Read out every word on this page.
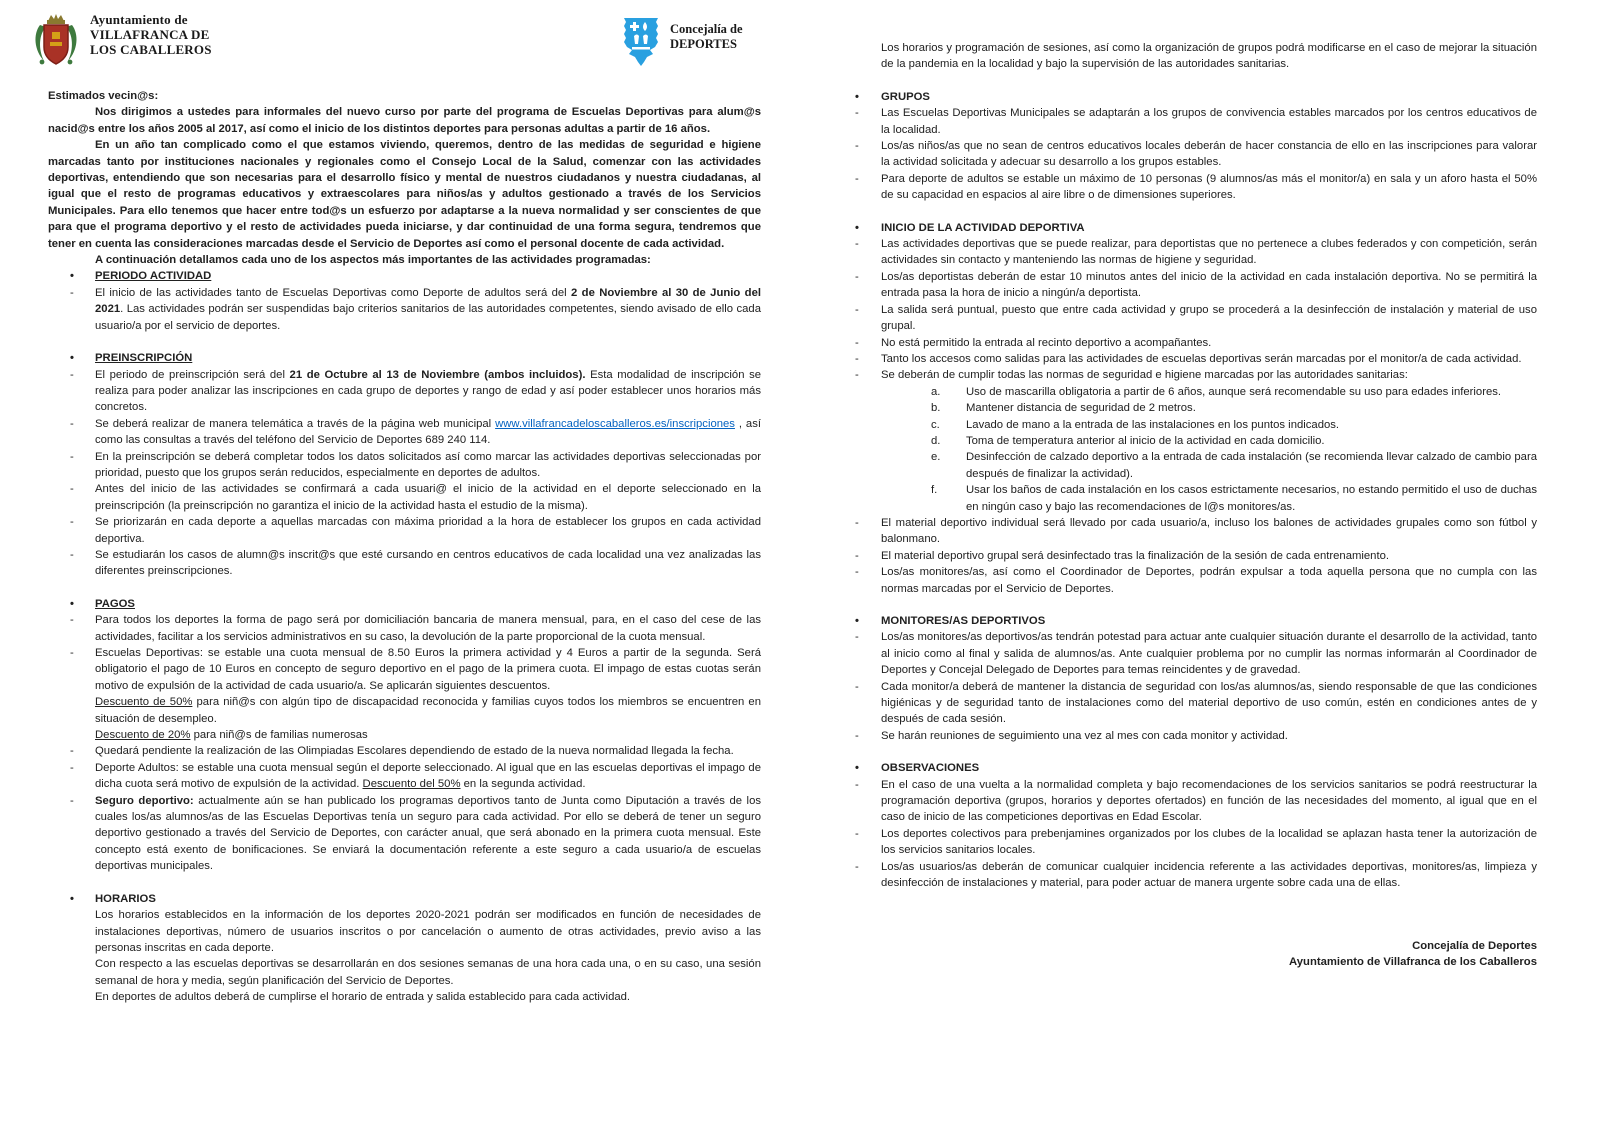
Ayuntamiento de
VILLAFRANCA DE
LOS CABALLEROS
Concejalía de
DEPORTES
Estimados vecin@s:
Nos dirigimos a ustedes para informales del nuevo curso por parte del programa de Escuelas Deportivas para alum@s nacid@s entre los años 2005 al 2017, así como el inicio de los distintos deportes para personas adultas a partir de 16 años.
En un año tan complicado como el que estamos viviendo, queremos, dentro de las medidas de seguridad e higiene marcadas tanto por instituciones nacionales y regionales como el Consejo Local de la Salud, comenzar con las actividades deportivas, entendiendo que son necesarias para el desarrollo físico y mental de nuestros ciudadanos y nuestra ciudadanas, al igual que el resto de programas educativos y extraescolares para niños/as y adultos gestionado a través de los Servicios Municipales. Para ello tenemos que hacer entre tod@s un esfuerzo por adaptarse a la nueva normalidad y ser conscientes de que para que el programa deportivo y el resto de actividades pueda iniciarse, y dar continuidad de una forma segura, tendremos que tener en cuenta las consideraciones marcadas desde el Servicio de Deportes así como el personal docente de cada actividad.
A continuación detallamos cada uno de los aspectos más importantes de las actividades programadas:
•	PERIODO ACTIVIDAD
-	El inicio de las actividades tanto de Escuelas Deportivas como Deporte de adultos será del 2 de Noviembre al 30 de Junio del 2021. Las actividades podrán ser suspendidas bajo criterios sanitarios de las autoridades competentes, siendo avisado de ello cada usuario/a por el servicio de deportes.
•	PREINSCRIPCIÓN
-	El periodo de preinscripción será del 21 de Octubre al 13 de Noviembre (ambos incluidos). Esta modalidad de inscripción se realiza para poder analizar las inscripciones en cada grupo de deportes y rango de edad y así poder establecer unos horarios más concretos.
-	Se deberá realizar de manera telemática a través de la página web municipal www.villafrancadeloscaballeros.es/inscripciones , así como las consultas a través del teléfono del Servicio de Deportes 689 240 114.
-	En la preinscripción se deberá completar todos los datos solicitados así como marcar las actividades deportivas seleccionadas por prioridad, puesto que los grupos serán reducidos, especialmente en deportes de adultos.
-	Antes del inicio de las actividades se confirmará a cada usuari@ el inicio de la actividad en el deporte seleccionado en la preinscripción (la preinscripción no garantiza el inicio de la actividad hasta el estudio de la misma).
-	Se priorizarán en cada deporte a aquellas marcadas con máxima prioridad a la hora de establecer los grupos en cada actividad deportiva.
-	Se estudiarán los casos de alumn@s inscrit@s que esté cursando en centros educativos de cada localidad una vez analizadas las diferentes preinscripciones.
•	PAGOS
-	Para todos los deportes la forma de pago será por domiciliación bancaria de manera mensual, para, en el caso del cese de las actividades, facilitar a los servicios administrativos en su caso, la devolución de la parte proporcional de la cuota mensual.
-	Escuelas Deportivas: se estable una cuota mensual de 8.50 Euros la primera actividad y 4 Euros a partir de la segunda. Será obligatorio el pago de 10 Euros en concepto de seguro deportivo en el pago de la primera cuota. El impago de estas cuotas serán motivo de expulsión de la actividad de cada usuario/a. Se aplicarán siguientes descuentos.
Descuento de 50% para niñ@s con algún tipo de discapacidad reconocida y familias cuyos todos los miembros se encuentren en situación de desempleo.
Descuento de 20% para niñ@s de familias numerosas
-	Quedará pendiente la realización de las Olimpiadas Escolares dependiendo de estado de la nueva normalidad llegada la fecha.
-	Deporte Adultos: se estable una cuota mensual según el deporte seleccionado. Al igual que en las escuelas deportivas el impago de dicha cuota será motivo de expulsión de la actividad. Descuento del 50% en la segunda actividad.
-	Seguro deportivo: actualmente aún se han publicado los programas deportivos tanto de Junta como Diputación a través de los cuales los/as alumnos/as de las Escuelas Deportivas tenía un seguro para cada actividad. Por ello se deberá de tener un seguro deportivo gestionado a través del Servicio de Deportes, con carácter anual, que será abonado en la primera cuota mensual. Este concepto está exento de bonificaciones. Se enviará la documentación referente a este seguro a cada usuario/a de escuelas deportivas municipales.
•	HORARIOS
Los horarios establecidos en la información de los deportes 2020-2021 podrán ser modificados en función de necesidades de instalaciones deportivas, número de usuarios inscritos o por cancelación o aumento de otras actividades, previo aviso a las personas inscritas en cada deporte.
Con respecto a las escuelas deportivas se desarrollarán en dos sesiones semanas de una hora cada una, o en su caso, una sesión semanal de hora y media, según planificación del Servicio de Deportes.
En deportes de adultos deberá de cumplirse el horario de entrada y salida establecido para cada actividad.
Los horarios y programación de sesiones, así como la organización de grupos podrá modificarse en el caso de mejorar la situación de la pandemia en la localidad y bajo la supervisión de las autoridades sanitarias.
•	GRUPOS
-	Las Escuelas Deportivas Municipales se adaptarán a los grupos de convivencia estables marcados por los centros educativos de la localidad.
-	Los/as niños/as que no sean de centros educativos locales deberán de hacer constancia de ello en las inscripciones para valorar la actividad solicitada y adecuar su desarrollo a los grupos estables.
-	Para deporte de adultos se estable un máximo de 10 personas (9 alumnos/as más el monitor/a) en sala y un aforo hasta el 50% de su capacidad en espacios al aire libre o de dimensiones superiores.
•	INICIO DE LA ACTIVIDAD DEPORTIVA
-	Las actividades deportivas que se puede realizar, para deportistas que no pertenece a clubes federados y con competición, serán actividades sin contacto y manteniendo las normas de higiene y seguridad.
-	Los/as deportistas deberán de estar 10 minutos antes del inicio de la actividad en cada instalación deportiva. No se permitirá la entrada pasa la hora de inicio a ningún/a deportista.
-	La salida será puntual, puesto que entre cada actividad y grupo se procederá a la desinfección de instalación y material de uso grupal.
-	No está permitido la entrada al recinto deportivo a acompañantes.
-	Tanto los accesos como salidas para las actividades de escuelas deportivas serán marcadas por el monitor/a de cada actividad.
-	Se deberán de cumplir todas las normas de seguridad e higiene marcadas por las autoridades sanitarias:
a.	Uso de mascarilla obligatoria a partir de 6 años, aunque será recomendable su uso para edades inferiores.
b.	Mantener distancia de seguridad de 2 metros.
c.	Lavado de mano a la entrada de las instalaciones en los puntos indicados.
d.	Toma de temperatura anterior al inicio de la actividad en cada domicilio.
e.	Desinfección de calzado deportivo a la entrada de cada instalación (se recomienda llevar calzado de cambio para después de finalizar la actividad).
f.	Usar los baños de cada instalación en los casos estrictamente necesarios, no estando permitido el uso de duchas en ningún caso y bajo las recomendaciones de l@s monitores/as.
-	El material deportivo individual será llevado por cada usuario/a, incluso los balones de actividades grupales como son fútbol y balonmano.
-	El material deportivo grupal será desinfectado tras la finalización de la sesión de cada entrenamiento.
-	Los/as monitores/as, así como el Coordinador de Deportes, podrán expulsar a toda aquella persona que no cumpla con las normas marcadas por el Servicio de Deportes.
•	MONITORES/AS DEPORTIVOS
-	Los/as monitores/as deportivos/as tendrán potestad para actuar ante cualquier situación durante el desarrollo de la actividad, tanto al inicio como al final y salida de alumnos/as. Ante cualquier problema por no cumplir las normas informarán al Coordinador de Deportes y Concejal Delegado de Deportes para temas reincidentes y de gravedad.
-	Cada monitor/a deberá de mantener la distancia de seguridad con los/as alumnos/as, siendo responsable de que las condiciones higiénicas y de seguridad tanto de instalaciones como del material deportivo de uso común, estén en condiciones antes de y después de cada sesión.
-	Se harán reuniones de seguimiento una vez al mes con cada monitor y actividad.
•	OBSERVACIONES
-	En el caso de una vuelta a la normalidad completa y bajo recomendaciones de los servicios sanitarios se podrá reestructurar la programación deportiva (grupos, horarios y deportes ofertados) en función de las necesidades del momento, al igual que en el caso de inicio de las competiciones deportivas en Edad Escolar.
-	Los deportes colectivos para prebenjamines organizados por los clubes de la localidad se aplazan hasta tener la autorización de los servicios sanitarios locales.
-	Los/as usuarios/as deberán de comunicar cualquier incidencia referente a las actividades deportivas, monitores/as, limpieza y desinfección de instalaciones y material, para poder actuar de manera urgente sobre cada una de ellas.
Concejalía de Deportes
Ayuntamiento de Villafranca de los Caballeros
